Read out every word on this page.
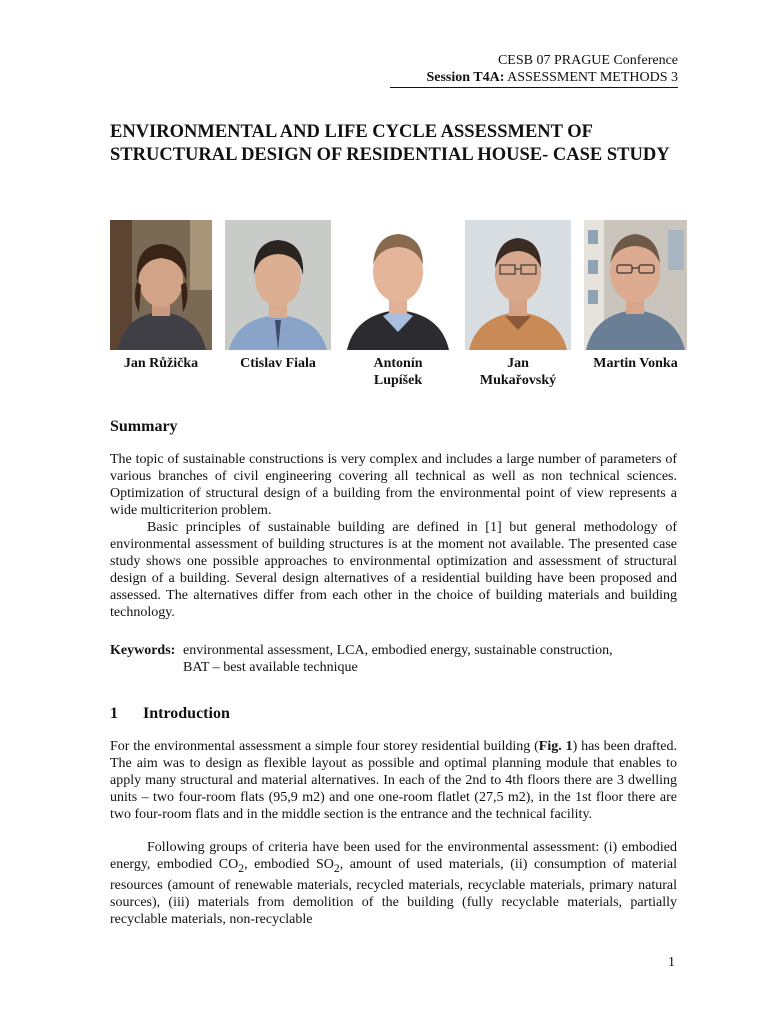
CESB 07 PRAGUE Conference
Session T4A: ASSESSMENT METHODS 3
ENVIRONMENTAL AND LIFE CYCLE ASSESSMENT OF STRUCTURAL DESIGN OF RESIDENTIAL HOUSE- CASE STUDY
Jan Růžička	Ctislav Fiala	Antonín
Lupíšek
Jan
Mukařovský
Martin Vonka
Summary

The topic of sustainable constructions is very complex and includes a large number of parameters of various branches of civil engineering covering all technical as well as non technical sciences. Optimization of structural design of a building from the environmental point of view represents a wide multicriterion problem.

Basic principles of sustainable building are defined in [1] but general methodology of environmental assessment of building structures is at the moment not available. The presented case study shows one possible approaches to environmental optimization and assessment of structural design of a building. Several design alternatives of a residential building have been proposed and assessed. The alternatives differ from each other in the choice of building materials and building technology.

Keywords: environmental assessment, LCA, embodied energy, sustainable construction,
BAT – best available technique
1 Introduction

For the environmental assessment a simple four storey residential building (Fig. 1) has been drafted. The aim was to design as flexible layout as possible and optimal planning module that enables to apply many structural and material alternatives. In each of the 2nd to 4th floors there are 3 dwelling units – two four-room flats (95,9 m2) and one one-room flatlet (27,5 m2), in the 1st floor there are two four-room flats and in the middle section is the entrance and the technical facility.

Following groups of criteria have been used for the environmental assessment: (i) embodied energy, embodied $CO_2$, embodied $SO_2$, amount of used materials, (ii) consumption of material resources (amount of renewable materials, recycled materials, recyclable materials, primary natural sources), (iii) materials from demolition of the building (fully recyclable materials, partially recyclable materials, non-recyclable

1
